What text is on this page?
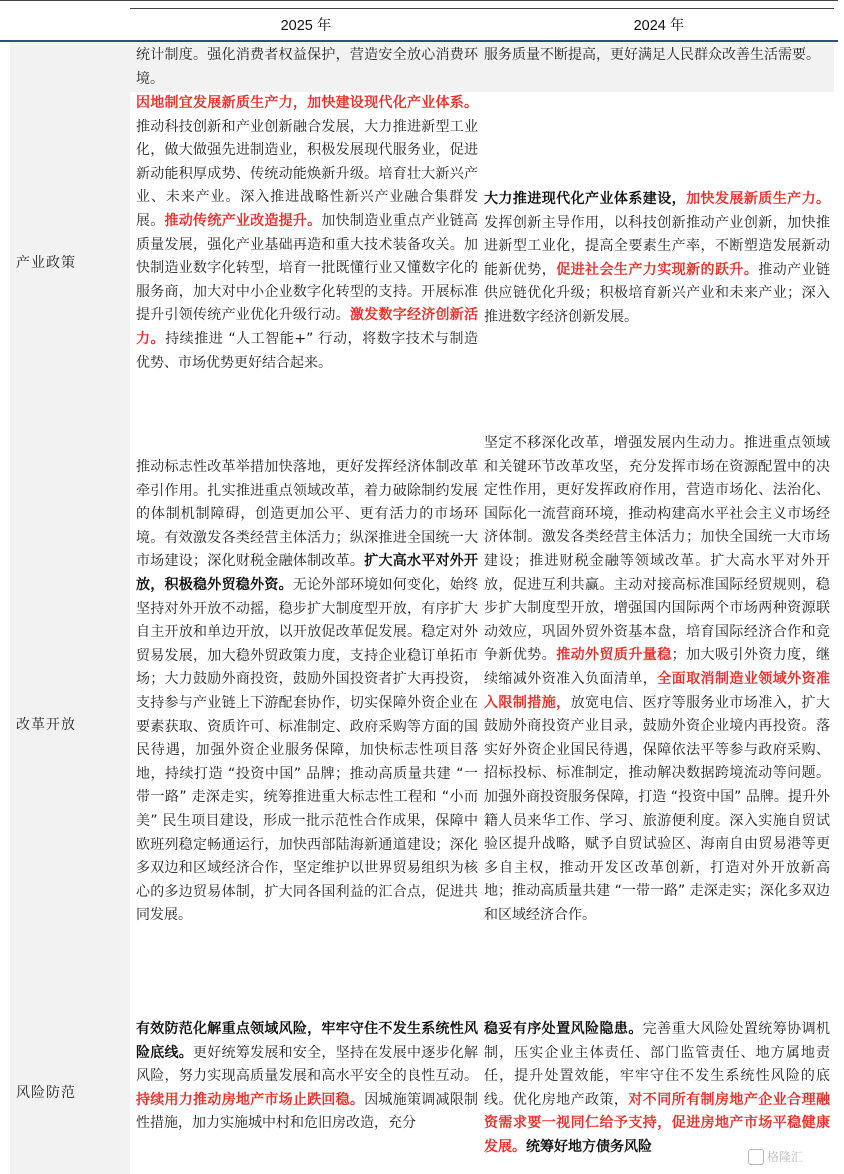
2025 年	2024 年
统计制度。强化消费者权益保护，营造安全放心消费环境。
服务质量不断提高，更好满足人民群众改善生活需要。
产业政策
因地制宜发展新质生产力，加快建设现代化产业体系。推动科技创新和产业创新融合发展，大力推进新型工业化，做大做强先进制造业，积极发展现代服务业，促进新动能积厚成势、传统动能焕新升级。培育壮大新兴产业、未来产业。深入推进战略性新兴产业融合集群发展。推动传统产业改造提升。加快制造业重点产业链高质量发展，强化产业基础再造和重大技术装备攻关。加快制造业数字化转型，培育一批既懂行业又懂数字化的服务商，加大对中小企业数字化转型的支持。开展标准提升引领传统产业优化升级行动。激发数字经济创新活力。持续推进 “人工智能+” 行动，将数字技术与制造优势、市场优势更好结合起来。
大力推进现代化产业体系建设，加快发展新质生产力。发挥创新主导作用，以科技创新推动产业创新，加快推进新型工业化，提高全要素生产率，不断塑造发展新动能新优势，促进社会生产力实现新的跃升。推动产业链供应链优化升级；积极培育新兴产业和未来产业；深入推进数字经济创新发展。
改革开放
推动标志性改革举措加快落地，更好发挥经济体制改革牵引作用。扎实推进重点领域改革，着力破除制约发展的体制机制障碍，创造更加公平、更有活力的市场环境。有效激发各类经营主体活力；纵深推进全国统一大市场建设；深化财税金融体制改革。扩大高水平对外开放，积极稳外贸稳外资。无论外部环境如何变化，始终坚持对外开放不动摇，稳步扩大制度型开放，有序扩大自主开放和单边开放，以开放促改革促发展。稳定对外贸易发展，加大稳外贸政策力度，支持企业稳订单拓市场；大力鼓励外商投资，鼓励外国投资者扩大再投资，支持参与产业链上下游配套协作，切实保障外资企业在要素获取、资质许可、标准制定、政府采购等方面的国民待遇，加强外资企业服务保障，加快标志性项目落地，持续打造 “投资中国” 品牌；推动高质量共建 “一带一路” 走深走实，统筹推进重大标志性工程和 “小而美” 民生项目建设，形成一批示范性合作成果，保障中欧班列稳定畅通运行，加快西部陆海新通道建设；深化多双边和区域经济合作，坚定维护以世界贸易组织为核心的多边贸易体制，扩大同各国利益的汇合点，促进共同发展。
坚定不移深化改革，增强发展内生动力。推进重点领域和关键环节改革攻坚，充分发挥市场在资源配置中的决定性作用，更好发挥政府作用，营造市场化、法治化、国际化一流营商环境，推动构建高水平社会主义市场经济体制。激发各类经营主体活力；加快全国统一大市场建设；推进财税金融等领域改革。扩大高水平对外开放，促进互利共赢。主动对接高标准国际经贸规则，稳步扩大制度型开放，增强国内国际两个市场两种资源联动效应，巩固外贸外资基本盘，培育国际经济合作和竞争新优势。推动外贸质升量稳；加大吸引外资力度，继续缩减外资准入负面清单，全面取消制造业领域外资准入限制措施，放宽电信、医疗等服务业市场准入，扩大鼓励外商投资产业目录，鼓励外资企业境内再投资。落实好外资企业国民待遇，保障依法平等参与政府采购、招标投标、标准制定，推动解决数据跨境流动等问题。加强外商投资服务保障，打造 “投资中国” 品牌。提升外籍人员来华工作、学习、旅游便利度。深入实施自贸试验区提升战略，赋予自贸试验区、海南自由贸易港等更多自主权，推动开发区改革创新，打造对外开放新高地；推动高质量共建 “一带一路” 走深走实；深化多双边和区域经济合作。
风险防范
有效防范化解重点领域风险，牢牢守住不发生系统性风险底线。更好统筹发展和安全，坚持在发展中逐步化解风险，努力实现高质量发展和高水平安全的良性互动。持续用力推动房地产市场止跌回稳。因城施策调减限制性措施，加力实施城中村和危旧房改造，充分
稳妥有序处置风险隐患。完善重大风险处置统筹协调机制，压实企业主体责任、部门监管责任、地方属地责任，提升处置效能，牢牢守住不发生系统性风险的底线。优化房地产政策，对不同所有制房地产企业合理融资需求要一视同仁给予支持，促进房地产市场平稳健康发展。统筹好地方债务风险
格隆汇
